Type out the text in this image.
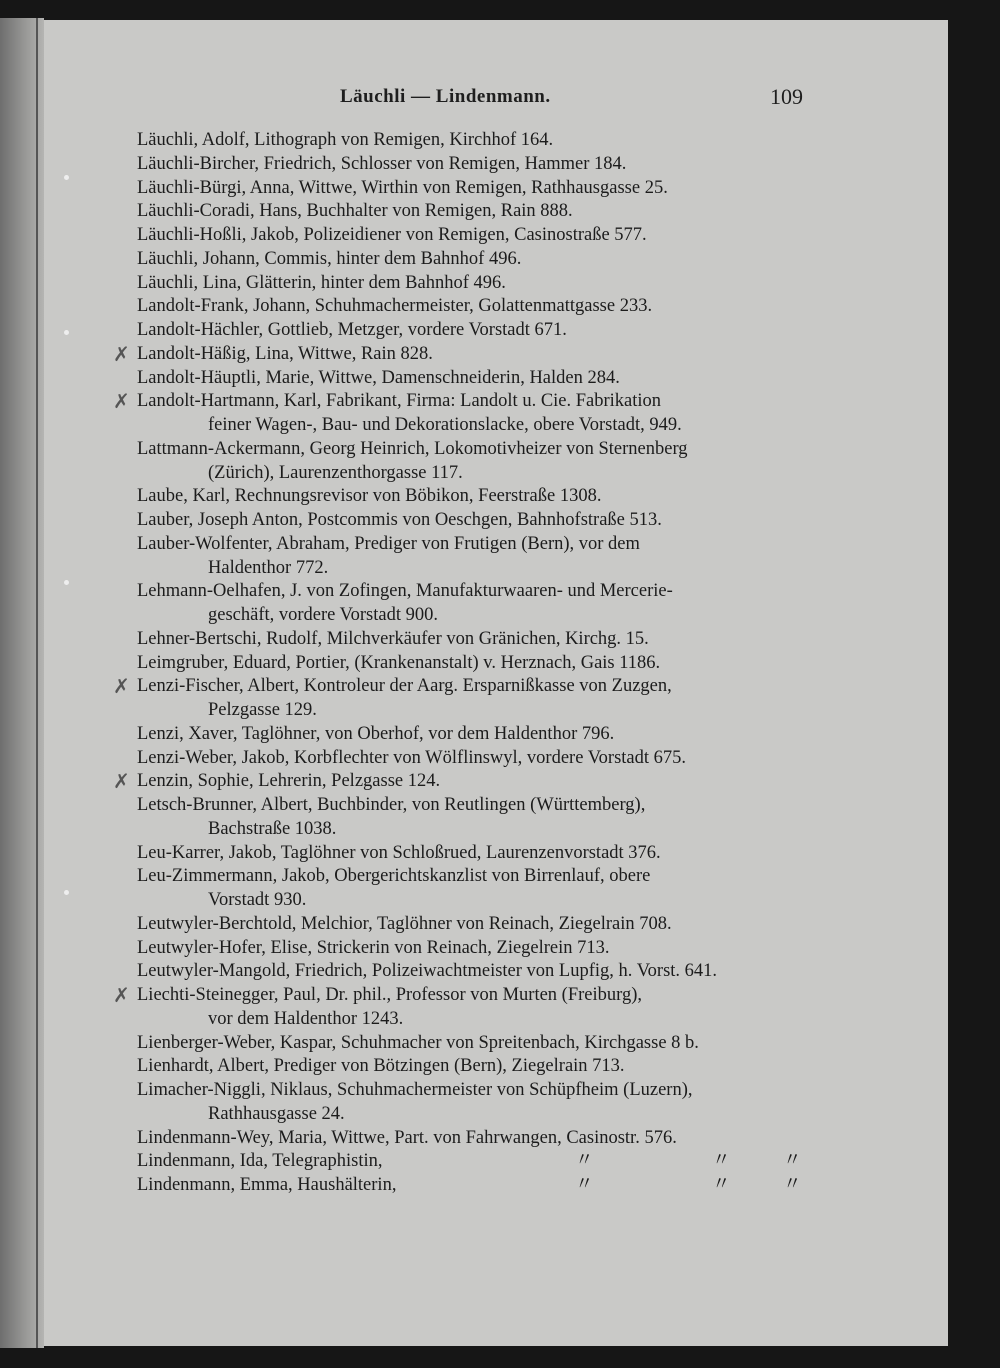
Läuchli — Lindenmann.	109
Läuchli, Adolf, Lithograph von Remigen, Kirchhof 164.
Läuchli-Bircher, Friedrich, Schlosser von Remigen, Hammer 184.
Läuchli-Bürgi, Anna, Wittwe, Wirthin von Remigen, Rathhausgasse 25.
Läuchli-Coradi, Hans, Buchhalter von Remigen, Rain 888.
Läuchli-Hoßli, Jakob, Polizeidiener von Remigen, Casinostraße 577.
Läuchli, Johann, Commis, hinter dem Bahnhof 496.
Läuchli, Lina, Glätterin, hinter dem Bahnhof 496.
Landolt-Frank, Johann, Schuhmachermeister, Golattenmattgasse 233.
Landolt-Hächler, Gottlieb, Metzger, vordere Vorstadt 671.
✗ Landolt-Häßig, Lina, Wittwe, Rain 828.
Landolt-Häuptli, Marie, Wittwe, Damenschneiderin, Halden 284.
✗ Landolt-Hartmann, Karl, Fabrikant, Firma: Landolt u. Cie. Fabrikation
feiner Wagen-, Bau- und Dekorationslacke, obere Vorstadt, 949.
Lattmann-Ackermann, Georg Heinrich, Lokomotivheizer von Sternenberg
(Zürich), Laurenzenthorgasse 117.
Laube, Karl, Rechnungsrevisor von Böbikon, Feerstraße 1308.
Lauber, Joseph Anton, Postcommis von Oeschgen, Bahnhofstraße 513.
Lauber-Wolfenter, Abraham, Prediger von Frutigen (Bern), vor dem
Haldenthor 772.
Lehmann-Oelhafen, J. von Zofingen, Manufakturwaaren- und Mercerie-
geschäft, vordere Vorstadt 900.
Lehner-Bertschi, Rudolf, Milchverkäufer von Gränichen, Kirchg. 15.
Leimgruber, Eduard, Portier, (Krankenanstalt) v. Herznach, Gais 1186.
✗ Lenzi-Fischer, Albert, Kontroleur der Aarg. Ersparnißkasse von Zuzgen,
Pelzgasse 129.
Lenzi, Xaver, Taglöhner, von Oberhof, vor dem Haldenthor 796.
Lenzi-Weber, Jakob, Korbflechter von Wölflinswyl, vordere Vorstadt 675.
✗ Lenzin, Sophie, Lehrerin, Pelzgasse 124.
Letsch-Brunner, Albert, Buchbinder, von Reutlingen (Württemberg),
Bachstraße 1038.
Leu-Karrer, Jakob, Taglöhner von Schloßrued, Laurenzenvorstadt 376.
Leu-Zimmermann, Jakob, Obergerichtskanzlist von Birrenlauf, obere
Vorstadt 930.
Leutwyler-Berchtold, Melchior, Taglöhner von Reinach, Ziegelrain 708.
Leutwyler-Hofer, Elise, Strickerin von Reinach, Ziegelrein 713.
Leutwyler-Mangold, Friedrich, Polizeiwachtmeister von Lupfig, h. Vorst. 641.
✗ Liechti-Steinegger, Paul, Dr. phil., Professor von Murten (Freiburg),
vor dem Haldenthor 1243.
Lienberger-Weber, Kaspar, Schuhmacher von Spreitenbach, Kirchgasse 8 b.
Lienhardt, Albert, Prediger von Bötzingen (Bern), Ziegelrain 713.
Limacher-Niggli, Niklaus, Schuhmachermeister von Schüpfheim (Luzern),
Rathhausgasse 24.
Lindenmann-Wey, Maria, Wittwe, Part. von Fahrwangen, Casinostr. 576.
Lindenmann, Ida, Telegraphistin,	〃	〃	〃
Lindenmann, Emma, Haushälterin,	〃	〃	〃
